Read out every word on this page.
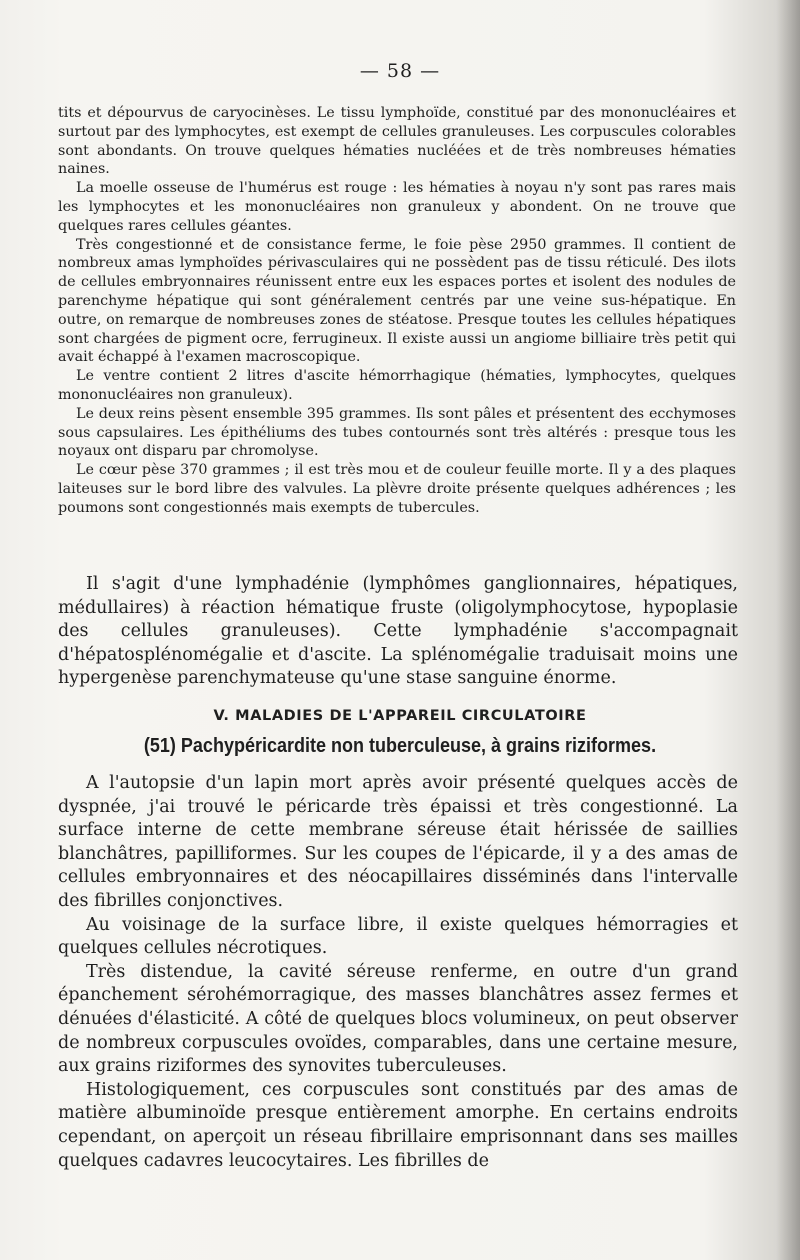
— 58 —

tits et dépourvus de caryocinèses. Le tissu lymphoïde, constitué par des mononucléaires et surtout par des lymphocytes, est exempt de cellules granuleuses. Les corpuscules colorables sont abondants. On trouve quelques hématies nucléées et de très nombreuses hématies naines.

La moelle osseuse de l'humérus est rouge : les hématies à noyau n'y sont pas rares mais les lymphocytes et les mononucléaires non granuleux y abondent. On ne trouve que quelques rares cellules géantes.

Très congestionné et de consistance ferme, le foie pèse 2950 grammes. Il contient de nombreux amas lymphoïdes périvasculaires qui ne possèdent pas de tissu réticulé. Des ilots de cellules embryonnaires réunissent entre eux les espaces portes et isolent des nodules de parenchyme hépatique qui sont généralement centrés par une veine sus-hépatique. En outre, on remarque de nombreuses zones de stéatose. Presque toutes les cellules hépatiques sont chargées de pigment ocre, ferrugineux. Il existe aussi un angiome billiaire très petit qui avait échappé à l'examen macroscopique.

Le ventre contient 2 litres d'ascite hémorrhagique (hématies, lymphocytes, quelques mononucléaires non granuleux).

Le deux reins pèsent ensemble 395 grammes. Ils sont pâles et présentent des ecchymoses sous capsulaires. Les épithéliums des tubes contournés sont très altérés : presque tous les noyaux ont disparu par chromolyse.

Le cœur pèse 370 grammes ; il est très mou et de couleur feuille morte. Il y a des plaques laiteuses sur le bord libre des valvules. La plèvre droite présente quelques adhérences ; les poumons sont congestionnés mais exempts de tubercules.

Il s'agit d'une lymphadénie (lymphômes ganglionnaires, hépatiques, médullaires) à réaction hématique fruste (oligolymphocytose, hypoplasie des cellules granuleuses). Cette lymphadénie s'accompagnait d'hépatosplénomégalie et d'ascite. La splénomégalie traduisait moins une hypergenèse parenchymateuse qu'une stase sanguine énorme.

V. MALADIES DE L'APPAREIL CIRCULATOIRE
(51) Pachypéricardite non tuberculeuse, à grains riziformes.

A l'autopsie d'un lapin mort après avoir présenté quelques accès de dyspnée, j'ai trouvé le péricarde très épaissi et très congestionné. La surface interne de cette membrane séreuse était hérissée de saillies blanchâtres, papilliformes. Sur les coupes de l'épicarde, il y a des amas de cellules embryonnaires et des néocapillaires disséminés dans l'intervalle des fibrilles conjonctives.

Au voisinage de la surface libre, il existe quelques hémorragies et quelques cellules nécrotiques.

Très distendue, la cavité séreuse renferme, en outre d'un grand épanchement sérohémorragique, des masses blanchâtres assez fermes et dénuées d'élasticité. A côté de quelques blocs volumineux, on peut observer de nombreux corpuscules ovoïdes, comparables, dans une certaine mesure, aux grains riziformes des synovites tuberculeuses.

Histologiquement, ces corpuscules sont constitués par des amas de matière albuminoïde presque entièrement amorphe. En certains endroits cependant, on aperçoit un réseau fibrillaire emprisonnant dans ses mailles quelques cadavres leucocytaires. Les fibrilles de
